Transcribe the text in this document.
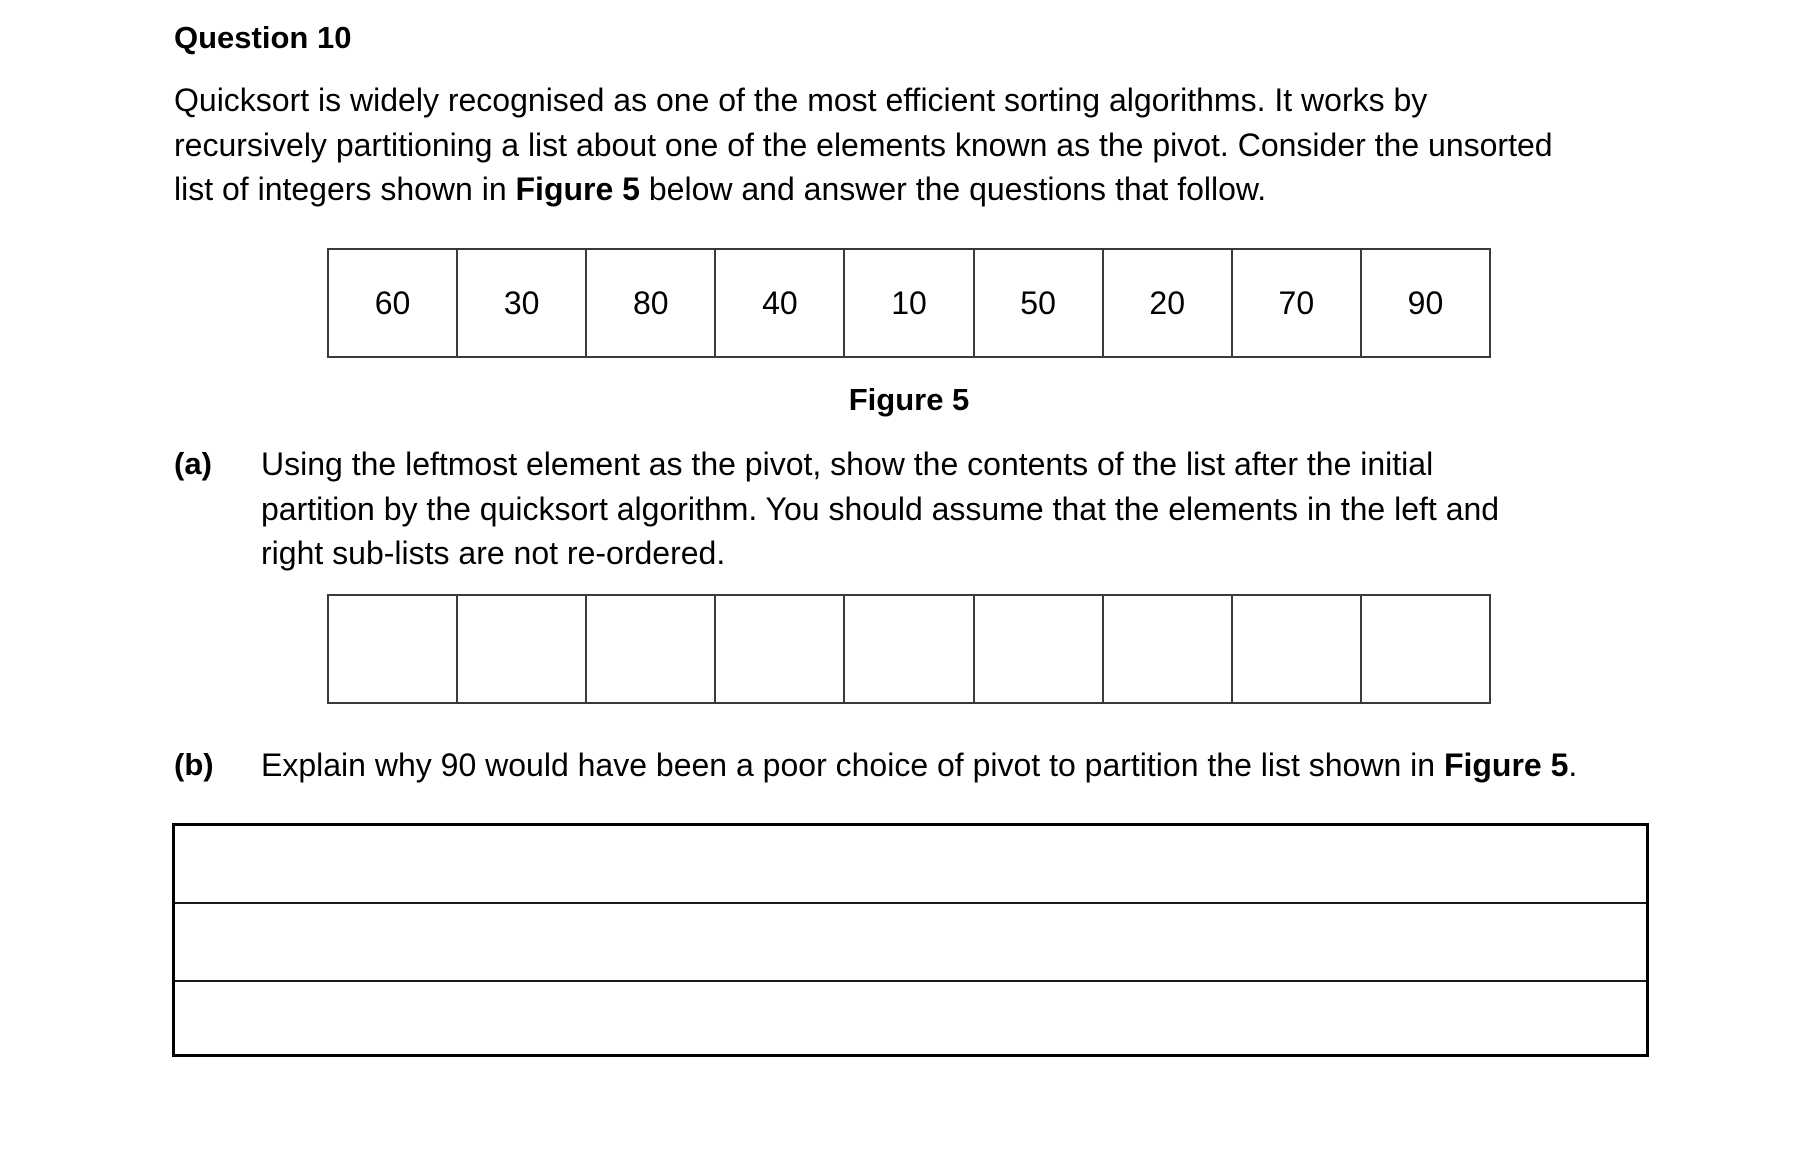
Question 10
Quicksort is widely recognised as one of the most efficient sorting algorithms. It works by
recursively partitioning a list about one of the elements known as the pivot. Consider the unsorted
list of integers shown in Figure 5 below and answer the questions that follow.
60	30	80	40	10	50	20	70	90
Figure 5
(a) Using the leftmost element as the pivot, show the contents of the list after the initial
partition by the quicksort algorithm. You should assume that the elements in the left and
right sub-lists are not re-ordered.

(b) Explain why 90 would have been a poor choice of pivot to partition the list shown in Figure 5.
